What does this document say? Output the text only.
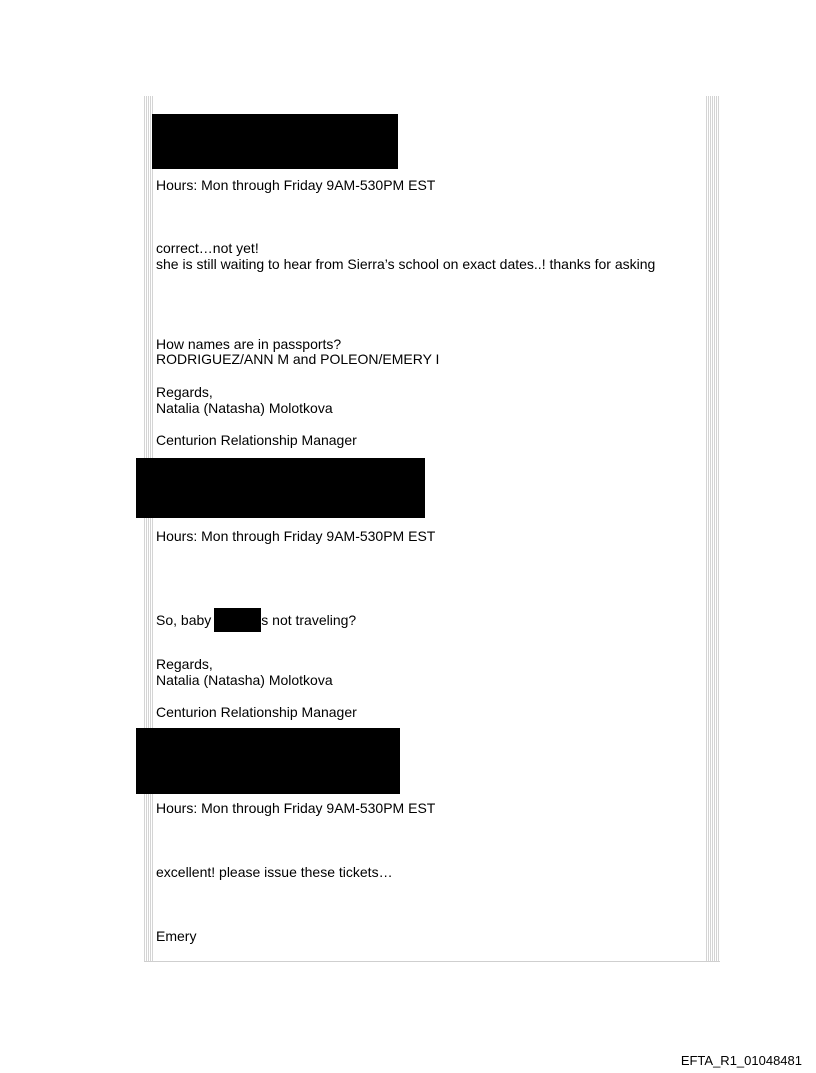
Hours: Mon through Friday 9AM-530PM EST
correct…not yet!
she is still waiting to hear from Sierra’s school on exact dates..! thanks for asking
How names are in passports?
RODRIGUEZ/ANN M and POLEON/EMERY I
Regards,
Natalia (Natasha) Molotkova
Centurion Relationship Manager
Hours: Mon through Friday 9AM-530PM EST
So, baby	s not traveling?
Regards,
Natalia (Natasha) Molotkova
Centurion Relationship Manager
Hours: Mon through Friday 9AM-530PM EST
excellent! please issue these tickets…
Emery
EFTA_R1_01048481
